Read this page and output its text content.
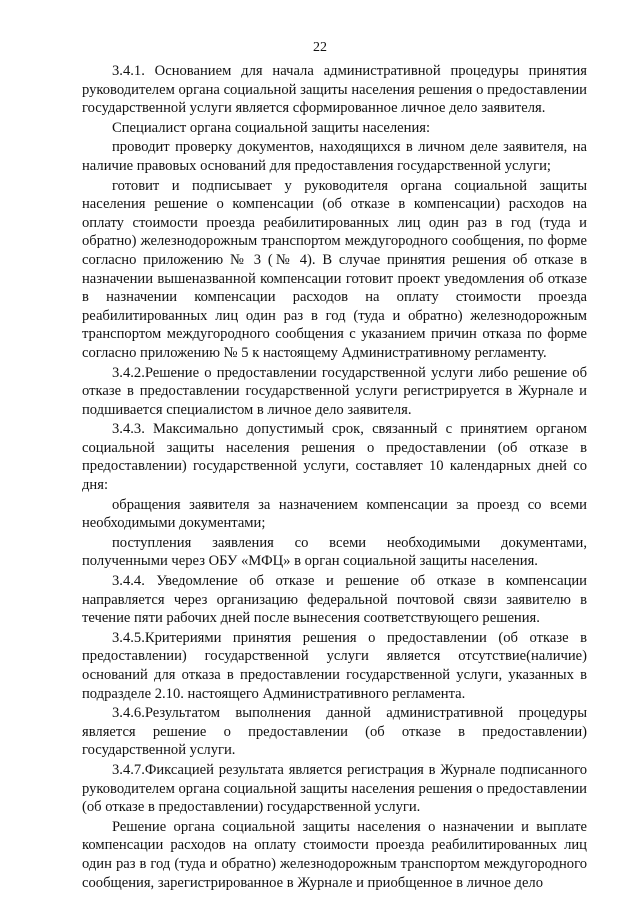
22

3.4.1. Основанием для начала административной процедуры принятия руководителем органа социальной защиты населения решения о предоставлении государственной услуги является сформированное личное дело заявителя.

Специалист органа социальной защиты населения:

проводит проверку документов, находящихся в личном деле заявителя, на наличие правовых оснований для предоставления государственной услуги;

готовит и подписывает у руководителя органа социальной защиты населения решение о компенсации (об отказе в компенсации) расходов на оплату стоимости проезда реабилитированных лиц один раз в год (туда и обратно) железнодорожным транспортом междугородного сообщения, по форме согласно приложению № 3 (№ 4). В случае принятия решения об отказе в назначении вышеназванной компенсации готовит проект уведомления об отказе в назначении компенсации расходов на оплату стоимости проезда реабилитированных лиц один раз в год (туда и обратно) железнодорожным транспортом междугородного сообщения с указанием причин отказа по форме согласно приложению № 5 к настоящему Административному регламенту.

3.4.2.Решение о предоставлении государственной услуги либо решение об отказе в предоставлении государственной услуги регистрируется в Журнале и подшивается специалистом в личное дело заявителя.

3.4.3. Максимально допустимый срок, связанный с принятием органом социальной защиты населения решения о предоставлении (об отказе в предоставлении) государственной услуги, составляет 10 календарных дней со дня:

обращения заявителя за назначением компенсации за проезд со всеми необходимыми документами;

поступления заявления со всеми необходимыми документами, полученными через ОБУ «МФЦ» в орган социальной защиты населения.

3.4.4. Уведомление об отказе и решение об отказе в компенсации направляется через организацию федеральной почтовой связи заявителю в течение пяти рабочих дней после вынесения соответствующего решения.

3.4.5.Критериями принятия решения о предоставлении (об отказе в предоставлении) государственной услуги является отсутствие(наличие) оснований для отказа в предоставлении государственной услуги, указанных в подразделе 2.10. настоящего Административного регламента.

3.4.6.Результатом выполнения данной административной процедуры является решение о предоставлении (об отказе в предоставлении) государственной услуги.

3.4.7.Фиксацией результата является регистрация в Журнале подписанного руководителем органа социальной защиты населения решения о предоставлении (об отказе в предоставлении) государственной услуги.

Решение органа социальной защиты населения о назначении и выплате компенсации расходов на оплату стоимости проезда реабилитированных лиц один раз в год (туда и обратно) железнодорожным транспортом междугородного сообщения, зарегистрированное в Журнале и приобщенное в личное дело
